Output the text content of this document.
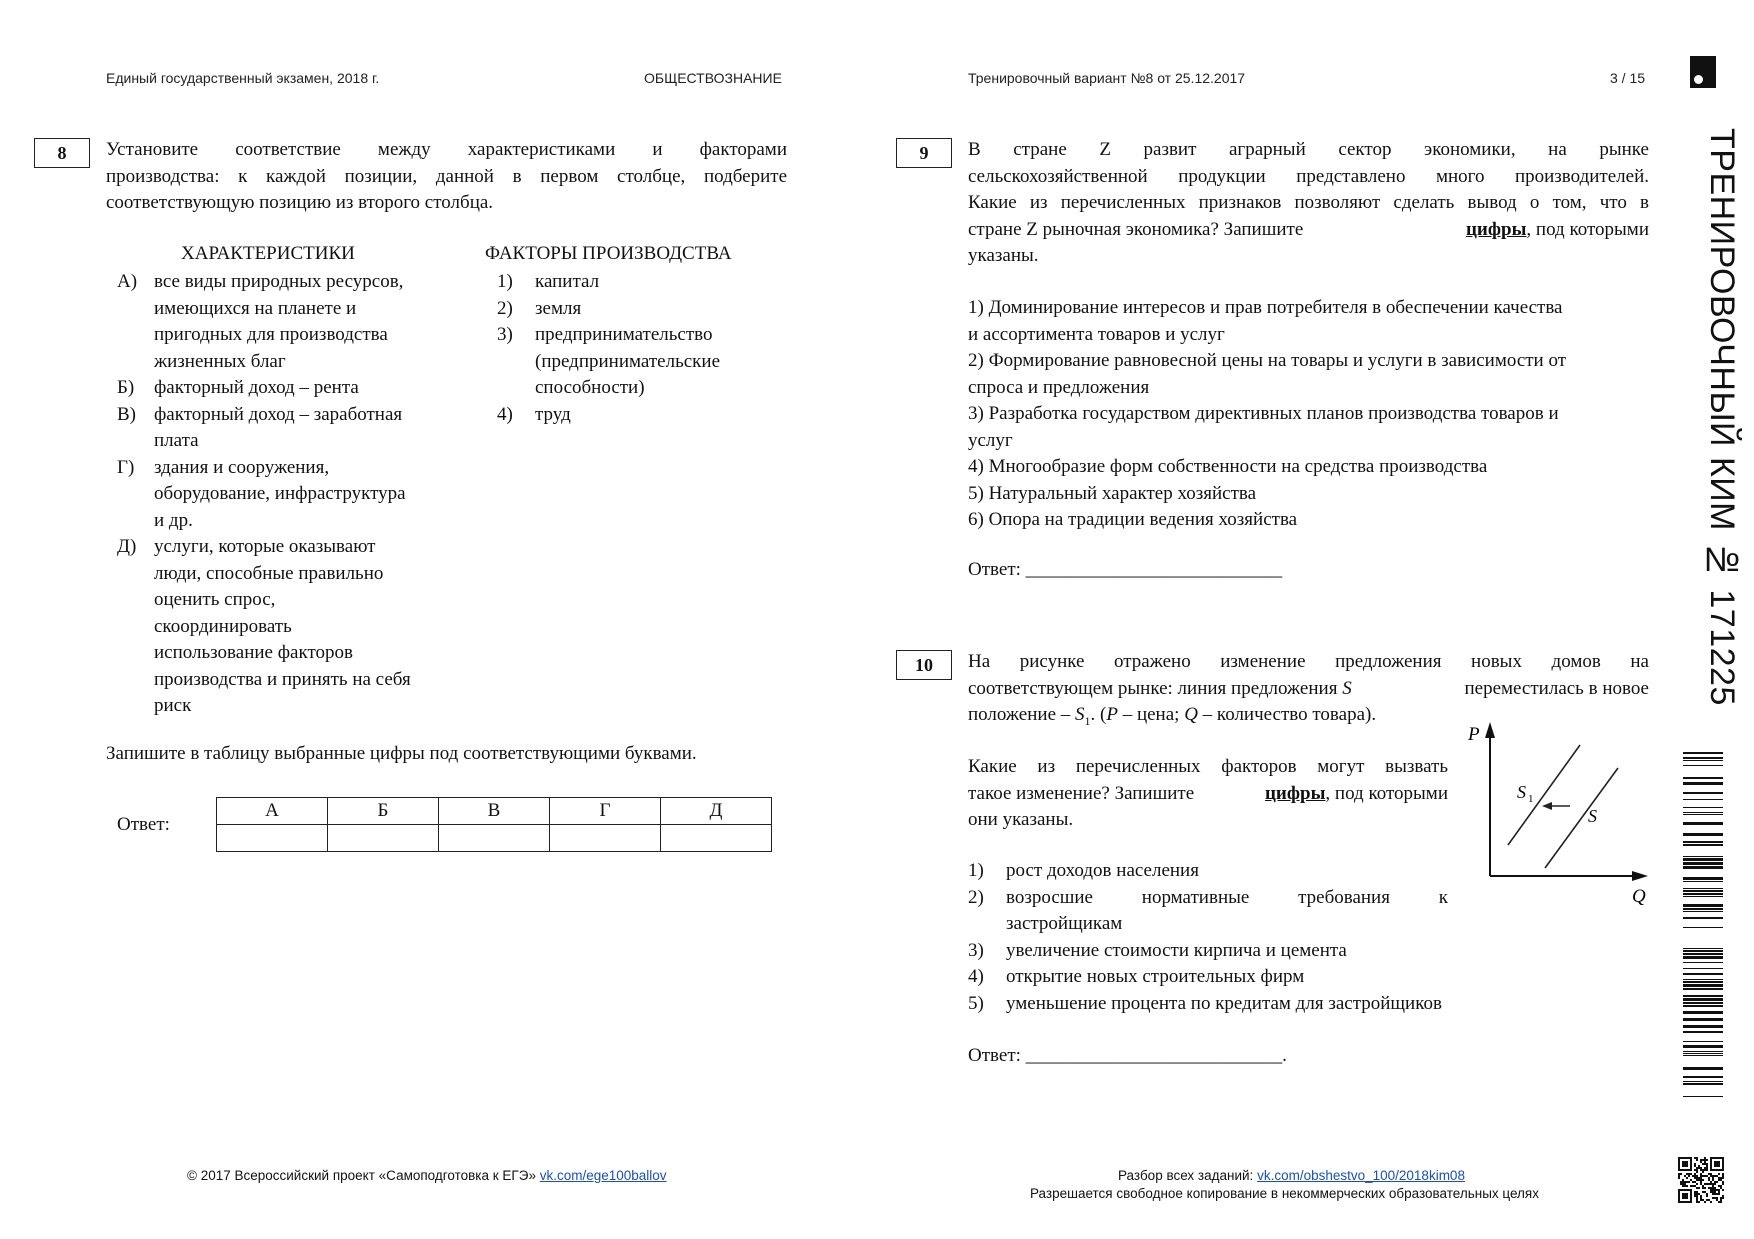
Единый государственный экзамен, 2018 г.	ОБЩЕСТВОЗНАНИЕ	Тренировочный вариант №8 от 25.12.2017	3 / 15
ТРЕНИРОВОЧНЫЙ КИМ № 171225
8	Установите соответствие между характеристиками и факторами
производства: к каждой позиции, данной в первом столбце, подберите
соответствующую позицию из второго столбца.
ХАРАКТЕРИСТИКИ	ФАКТОРЫ ПРОИЗВОДСТВА
А) все виды природных ресурсов,
имеющихся на планете и
пригодных для производства
жизненных благ
Б) факторный доход – рента
В) факторный доход – заработная
плата
Г) здания и сооружения,
оборудование, инфраструктура
и др.
Д) услуги, которые оказывают
люди, способные правильно
оценить спрос,
скоординировать
использование факторов
производства и принять на себя
риск
1) капитал
2) земля
3) предпринимательство
(предпринимательские
способности)
4) труд
Запишите в таблицу выбранные цифры под соответствующими буквами.
Ответ:
А	Б	В	Г	Д

9	В стране Z развит аграрный сектор экономики, на рынке
сельскохозяйственной продукции представлено много производителей.
Какие из перечисленных признаков позволяют сделать вывод о том, что в
стране Z рыночная экономика? Запишите	цифры, под которыми
указаны.
1) Доминирование интересов и прав потребителя в обеспечении качества
и ассортимента товаров и услуг
2) Формирование равновесной цены на товары и услуги в зависимости от
спроса и предложения
3) Разработка государством директивных планов производства товаров и
услуг
4) Многообразие форм собственности на средства производства
5) Натуральный характер хозяйства
6) Опора на традиции ведения хозяйства
Ответ: ___________________________
10	На рисунке отражено изменение предложения новых домов на
соответствующем рынке: линия предложения S	переместилась в новое
положение – $S_1$. (P – цена; Q – количество товара).
Какие из перечисленных факторов могут вызвать
такое изменение? Запишите	цифры, под которыми
они указаны.
1) рост доходов населения
2) возросшие нормативные требования к
застройщикам
3) увеличение стоимости кирпича и цемента
4) открытие новых строительных фирм
5) уменьшение процента по кредитам для застройщиков
Ответ: ___________________________.
P
Q
S 1
S
© 2017 Всероссийский проект «Самоподготовка к ЕГЭ» vk.com/ege100ballov	Разбор всех заданий: vk.com/obshestvo_100/2018kim08
Разрешается свободное копирование в некоммерческих образовательных целях
